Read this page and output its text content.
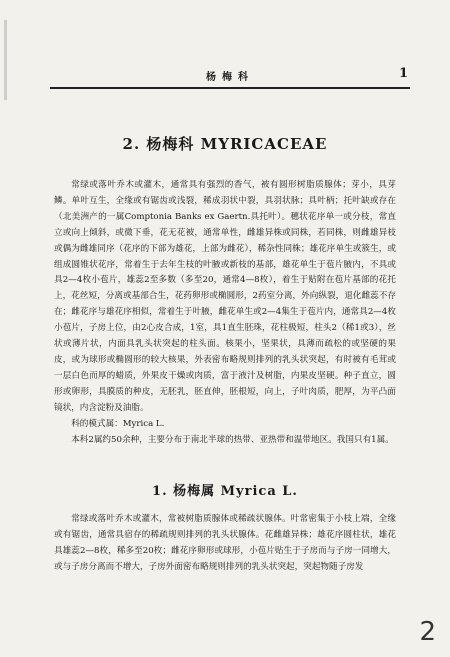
杨梅科	1
2. 杨梅科 MYRICACEAE

常绿或落叶乔木或灌木，通常具有强烈的香气，被有圆形树脂质腺体；芽小，具芽鳞。单叶互生，全缘或有锯齿或浅裂，稀成羽状中裂，具羽状脉；具叶柄；托叶缺或存在（北美洲产的一属Comptonia Banks ex Gaertn.具托叶）。穗状花序单一或分枝，常直立或向上倾斜，或微下垂，花无花被，通常单性，雌雄异株或同株，若同株，则雌雄异枝或偶为雌雄同序（花序的下部为雄花，上部为雌花），稀杂性同株；雄花序单生或簇生，或组成圆锥状花序，常着生于去年生枝的叶腋或新枝的基部，雄花单生于苞片腋内，不具或具2—4枚小苞片，雄蕊2至多数（多至20，通常4—8枚），着生于贴附在苞片基部的花托上，花丝短，分离或基部合生，花药卵形或椭圆形，2药室分离，外向纵裂，退化雌蕊不存在；雌花序与雄花序相似，常着生于叶腋，雌花单生或2—4集生于苞片内，通常具2—4枚小苞片，子房上位，由2心皮合成，1室，具1直生胚珠，花柱极短，柱头2（稀1或3），丝状或薄片状，内面具乳头状突起的柱头面。核果小，坚果状，具薄而疏松的或坚硬的果皮，或为球形或椭圆形的较大核果，外表密布略规则排列的乳头状突起，有时被有毛茸或一层白色而厚的蜡质，外果皮干燥或肉质，富于液汁及树脂，内果皮坚硬。种子直立，圆形或卵形，具膜质的种皮，无胚乳，胚直伸，胚根短，向上，子叶肉质，肥厚，为平凸面镜状，内含淀粉及油脂。

科的模式属：Myrica L.

本科2属约50余种，主要分布于南北半球的热带、亚热带和温带地区。我国只有1属。

1. 杨梅属 Myrica L.

常绿或落叶乔木或灌木，常被树脂质腺体或稀疏状腺体。叶常密集于小枝上端，全缘或有锯齿，通常具宿存的稀疏规则排列的乳头状腺体。花雌雄异株；雄花序圆柱状，雄花具雄蕊2—8枚，稀多至20枚；雌花序卵形或球形，小苞片贴生于子房而与子房一同增大，或与子房分离而不增大，子房外面密布略规则排列的乳头状突起，突起物随子房发

2
